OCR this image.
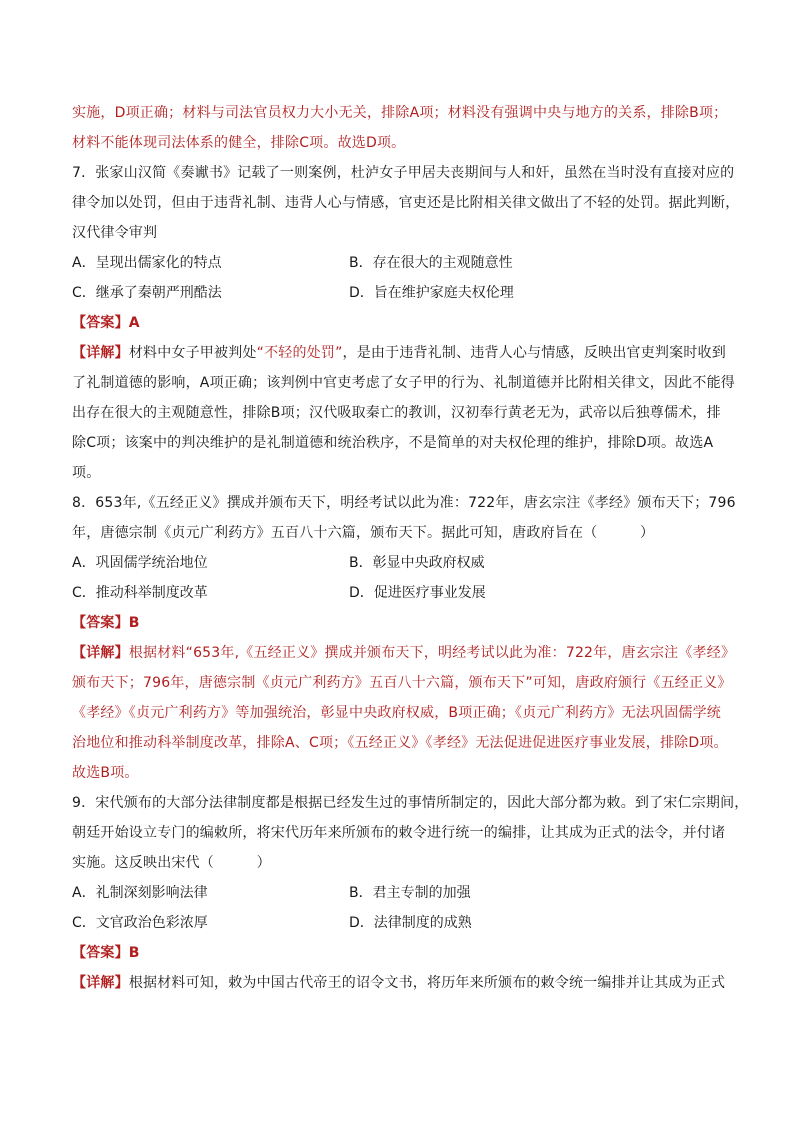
实施，D项正确；材料与司法官员权力大小无关，排除A项；材料没有强调中央与地方的关系，排除B项；
材料不能体现司法体系的健全，排除C项。故选D项。
7．张家山汉简《奏谳书》记载了一则案例，杜泸女子甲居夫丧期间与人和奸，虽然在当时没有直接对应的
律令加以处罚，但由于违背礼制、违背人心与情感，官吏还是比附相关律文做出了不轻的处罚。据此判断，
汉代律令审判
A．呈现出儒家化的特点	B．存在很大的主观随意性
C．继承了秦朝严刑酷法	D．旨在维护家庭夫权伦理
【答案】A
【详解】材料中女子甲被判处“不轻的处罚”，是由于违背礼制、违背人心与情感，反映出官吏判案时收到
了礼制道德的影响，A项正确；该判例中官吏考虑了女子甲的行为、礼制道德并比附相关律文，因此不能得
出存在很大的主观随意性，排除B项；汉代吸取秦亡的教训，汉初奉行黄老无为，武帝以后独尊儒术，排
除C项；该案中的判决维护的是礼制道德和统治秩序，不是简单的对夫权伦理的维护，排除D项。故选A
项。
8．653年,《五经正义》撰成并颁布天下，明经考试以此为准：722年，唐玄宗注《孝经》颁布天下；796
年，唐德宗制《贞元广利药方》五百八十六篇，颁布天下。据此可知，唐政府旨在（　　　）
A．巩固儒学统治地位	B．彰显中央政府权威
C．推动科举制度改革	D．促进医疗事业发展
【答案】B
【详解】根据材料“653年,《五经正义》撰成并颁布天下，明经考试以此为准：722年，唐玄宗注《孝经》
颁布天下；796年，唐德宗制《贞元广利药方》五百八十六篇，颁布天下”可知，唐政府颁行《五经正义》
《孝经》《贞元广利药方》等加强统治，彰显中央政府权威，B项正确；《贞元广利药方》无法巩固儒学统
治地位和推动科举制度改革，排除A、C项；《五经正义》《孝经》无法促进促进医疗事业发展，排除D项。
故选B项。
9．宋代颁布的大部分法律制度都是根据已经发生过的事情所制定的，因此大部分都为敕。到了宋仁宗期间，
朝廷开始设立专门的编敕所，将宋代历年来所颁布的敕令进行统一的编排，让其成为正式的法令，并付诸
实施。这反映出宋代（　　　）
A．礼制深刻影响法律	B．君主专制的加强
C．文官政治色彩浓厚	D．法律制度的成熟
【答案】B
【详解】根据材料可知，敕为中国古代帝王的诏令文书，将历年来所颁布的敕令统一编排并让其成为正式
